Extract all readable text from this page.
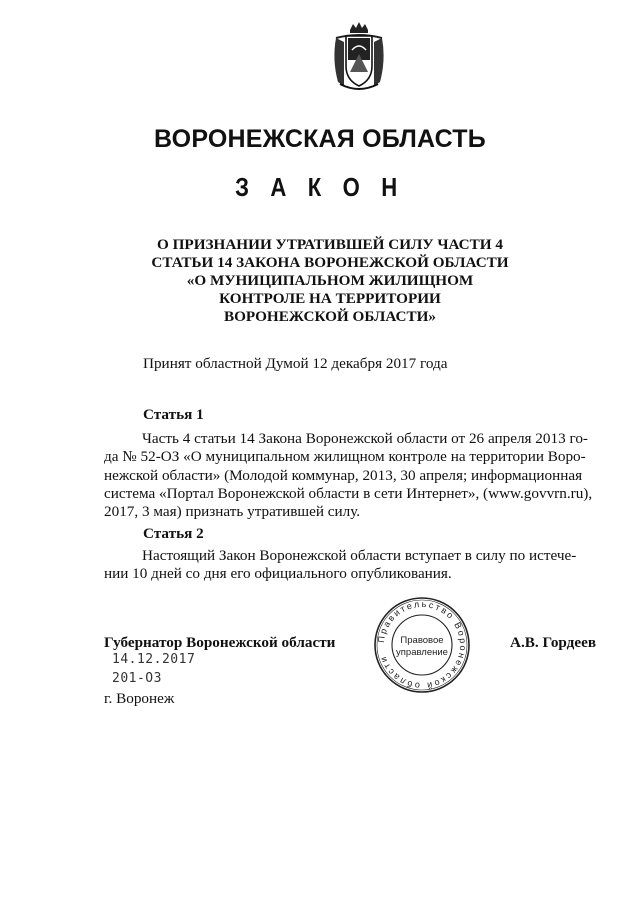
ВОРОНЕЖСКАЯ ОБЛАСТЬ
З А К О Н
О ПРИЗНАНИИ УТРАТИВШЕЙ СИЛУ ЧАСТИ 4
СТАТЬИ 14 ЗАКОНА ВОРОНЕЖСКОЙ ОБЛАСТИ
«О МУНИЦИПАЛЬНОМ ЖИЛИЩНОМ
КОНТРОЛЕ НА ТЕРРИТОРИИ
ВОРОНЕЖСКОЙ ОБЛАСТИ»
Принят областной Думой 12 декабря 2017 года
Статья 1
Часть 4 статьи 14 Закона Воронежской области от 26 апреля 2013 го-
да № 52-ОЗ «О муниципальном жилищном контроле на территории Воро-
нежской области» (Молодой коммунар, 2013, 30 апреля; информационная
система «Портал Воронежской области в сети Интернет», (www.govvrn.ru),
2017, 3 мая) признать утратившей силу.
Статья 2
Настоящий Закон Воронежской области вступает в силу по истече-
нии 10 дней со дня его официального опубликования.
Губернатор Воронежской области	А.В. Гордеев
Правительство Воронежской области
Правовое
управление
14.12.2017
201-ОЗ
г. Воронеж
